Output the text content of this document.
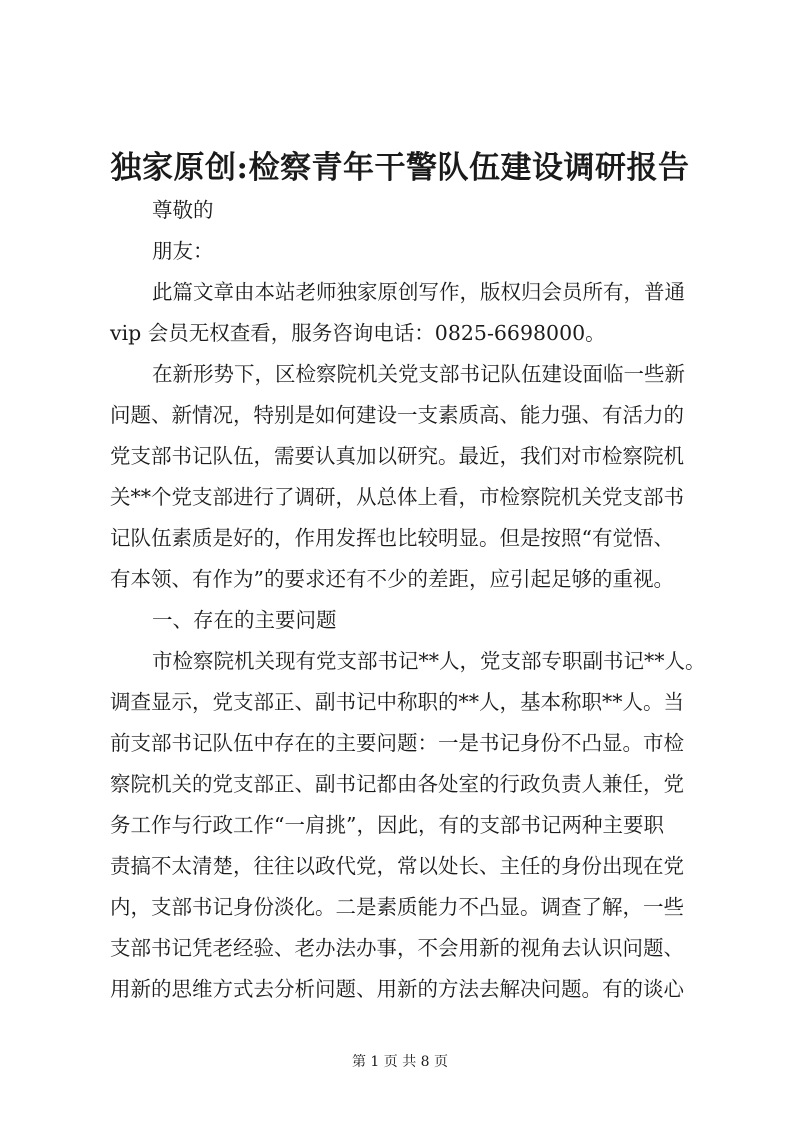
独家原创:检察青年干警队伍建设调研报告
尊敬的
朋友：
此篇文章由本站老师独家原创写作，版权归会员所有，普通
vip 会员无权查看，服务咨询电话：0825-6698000。
在新形势下，区检察院机关党支部书记队伍建设面临一些新
问题、新情况，特别是如何建设一支素质高、能力强、有活力的
党支部书记队伍，需要认真加以研究。最近，我们对市检察院机
关**个党支部进行了调研，从总体上看，市检察院机关党支部书
记队伍素质是好的，作用发挥也比较明显。但是按照“有觉悟、
有本领、有作为”的要求还有不少的差距，应引起足够的重视。
一、存在的主要问题
市检察院机关现有党支部书记**人，党支部专职副书记**人。
调查显示，党支部正、副书记中称职的**人，基本称职**人。当
前支部书记队伍中存在的主要问题：一是书记身份不凸显。市检
察院机关的党支部正、副书记都由各处室的行政负责人兼任，党
务工作与行政工作“一肩挑”，因此，有的支部书记两种主要职
责搞不太清楚，往往以政代党，常以处长、主任的身份出现在党
内，支部书记身份淡化。二是素质能力不凸显。调查了解，一些
支部书记凭老经验、老办法办事，不会用新的视角去认识问题、
用新的思维方式去分析问题、用新的方法去解决问题。有的谈心
第 1 页 共 8 页
